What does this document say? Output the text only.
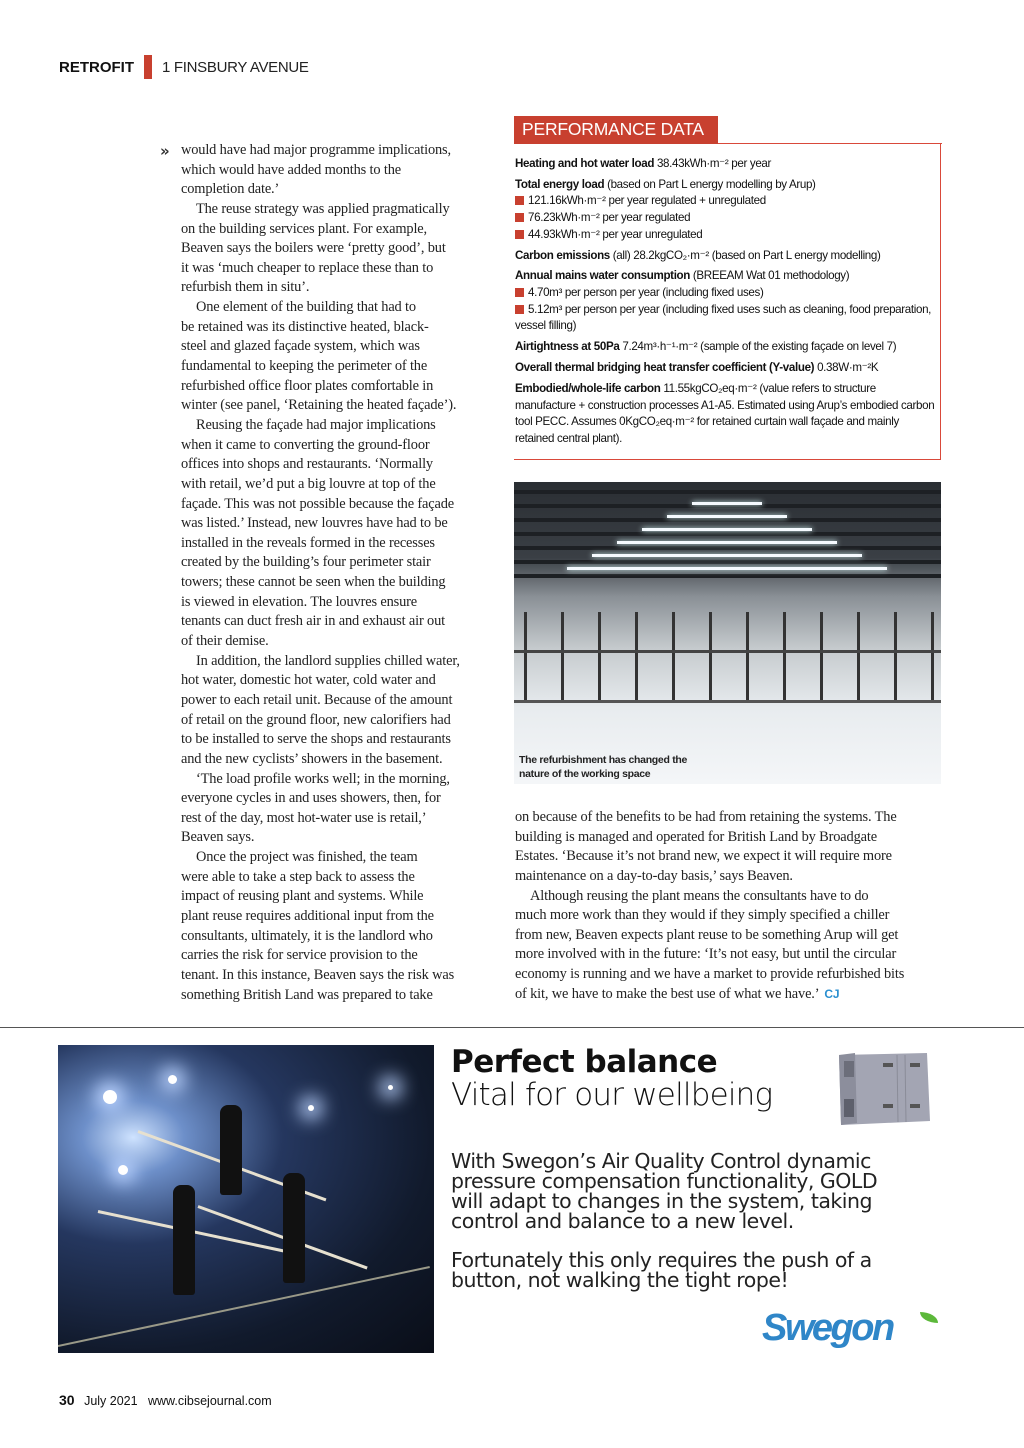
RETROFIT 1 FINSBURY AVENUE
» would have had major programme implications,
which would have added months to the
completion date.’
The reuse strategy was applied pragmatically
on the building services plant. For example,
Beaven says the boilers were ‘pretty good’, but
it was ‘much cheaper to replace these than to
refurbish them in situ’.
One element of the building that had to
be retained was its distinctive heated, black-
steel and glazed façade system, which was
fundamental to keeping the perimeter of the
refurbished office floor plates comfortable in
winter (see panel, ‘Retaining the heated façade’).
Reusing the façade had major implications
when it came to converting the ground-floor
offices into shops and restaurants. ‘Normally
with retail, we’d put a big louvre at top of the
façade. This was not possible because the façade
was listed.’ Instead, new louvres have had to be
installed in the reveals formed in the recesses
created by the building’s four perimeter stair
towers; these cannot be seen when the building
is viewed in elevation. The louvres ensure
tenants can duct fresh air in and exhaust air out
of their demise.
In addition, the landlord supplies chilled water,
hot water, domestic hot water, cold water and
power to each retail unit. Because of the amount
of retail on the ground floor, new calorifiers had
to be installed to serve the shops and restaurants
and the new cyclists’ showers in the basement.
‘The load profile works well; in the morning,
everyone cycles in and uses showers, then, for
rest of the day, most hot-water use is retail,’
Beaven says.
Once the project was finished, the team
were able to take a step back to assess the
impact of reusing plant and systems. While
plant reuse requires additional input from the
consultants, ultimately, it is the landlord who
carries the risk for service provision to the
tenant. In this instance, Beaven says the risk was
something British Land was prepared to take
on because of the benefits to be had from retaining the systems. The
building is managed and operated for British Land by Broadgate
Estates. ‘Because it’s not brand new, we expect it will require more
maintenance on a day-to-day basis,’ says Beaven.
Although reusing the plant means the consultants have to do
much more work than they would if they simply specified a chiller
from new, Beaven expects plant reuse to be something Arup will get
more involved with in the future: ‘It’s not easy, but until the circular
economy is running and we have a market to provide refurbished bits
of kit, we have to make the best use of what we have.’ CJ
PERFORMANCE DATA

Heating and hot water load 38.43kWh·m⁻² per year

Total energy load (based on Part L energy modelling by Arup)
121.16kWh·m⁻² per year regulated + unregulated
76.23kWh·m⁻² per year regulated
44.93kWh·m⁻² per year unregulated

Carbon emissions (all) 28.2kgCO₂·m⁻² (based on Part L energy modelling)

Annual mains water consumption (BREEAM Wat 01 methodology)
4.70m³ per person per year (including fixed uses)
5.12m³ per person per year (including fixed uses such as cleaning, food preparation, vessel filling)

Airtightness at 50Pa 7.24m³·h⁻¹·m⁻² (sample of the existing façade on level 7)

Overall thermal bridging heat transfer coefficient (Y-value) 0.38W·m⁻²K

Embodied/whole-life carbon 11.55kgCO₂eq·m⁻² (value refers to structure manufacture + construction processes A1-A5. Estimated using Arup’s embodied carbon tool PECC. Assumes 0KgCO₂eq·m⁻² for retained curtain wall façade and mainly retained central plant).

The refurbishment has changed the
nature of the working space
Perfect balance
Vital for our wellbeing
With Swegon’s Air Quality Control dynamic
pressure compensation functionality, GOLD
will adapt to changes in the system, taking
control and balance to a new level.
Fortunately this only requires the push of a
button, not walking the tight rope!
Swegon
30 July 2021 www.cibsejournal.com
